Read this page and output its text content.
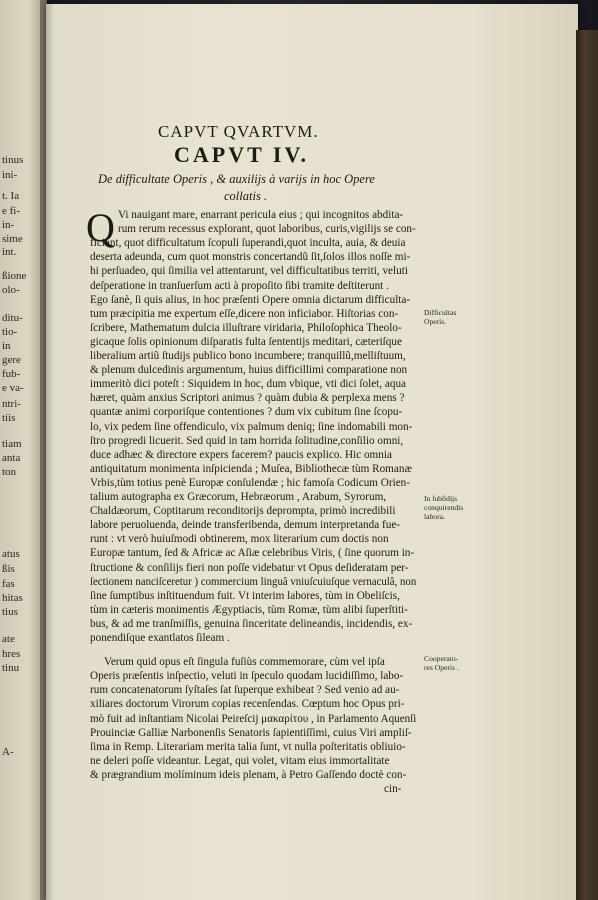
tinus
ini-
t. Ia
e fi-
in-
sime
int.
ßione
olo-
ditu-
tio-
in
gere
fub-
e va-
ntri-
tiis
tiam
anta
ton
atus
ßis
fas
hitas
tius
ate
hres
tinu
A-
CAPVT QVARTVM.
CAPVT IV.
De difficultate Operis , & auxilijs à varijs in hoc Opere
collatis .
Q Vi nauigant mare, enarrant pericula eius ; qui incognitos abdita-
rum rerum recessus explorant, quot laboribus, curis,vigilijs se con-
ficiant, quot difficultatum ſcopuli ſuperandi,quot inculta, auia, & deuia
deserta adeunda, cum quot monstris concertandũ ſit,ſolos illos noſſe mi-
hi perſuadeo, qui ſimilia vel attentarunt, vel difficultatibus territi, veluti
deſperatione in tranſuerſum acti à propoſito ſibi tramite deſtiterunt .
Ego ſanè, ſi quis alius, in hoc præſenti Opere omnia dictarum difficulta-
tum præcipitia me expertum eſſe,dicere non inficiabor. Hiſtorias con-
ſcribere, Mathematum dulcia illuſtrare viridaria, Philoſophica Theolo-
gicaque ſolis opinionum diſparatis fulta ſententijs meditari, cæteriſque
liberalium artiũ ſtudijs publico bono incumbere; tranquillũ,melliſtuum,
& plenum dulcedinis argumentum, huius difficillimi comparatione non
immeritò dici poteſt : Siquidem in hoc, dum vbique, vti dici ſolet, aqua
hæret, quàm anxius Scriptori animus ? quàm dubia & perplexa mens ?
quantæ animi corporiſque contentiones ? dum vix cubitum ſine ſcopu-
lo, vix pedem ſine offendiculo, vix palmum deniq; ſine indomabili mon-
ſtro progredi licuerit. Sed quid in tam horrida ſolitudine,conſilio omni,
duce adhæc & directore expers facerem? paucis explico. Hic omnia
antiquitatum monimenta inſpicienda ; Muſea, Bibliothecæ tùm Romanæ
Vrbis,tùm totius penè Europæ conſulendæ ; hic famoſa Codicum Orien-
talium autographa ex Græcorum, Hebræorum , Arabum, Syrorum,
Chaldæorum, Coptitarum reconditorijs deprompta, primò incredibili
labore peruoluenda, deinde transferibenda, demum interpretanda fue-
runt : vt verò huiuſmodi obtinerem, mox literarium cum doctis non
Europæ tantum, ſed & Africæ ac Aſiæ celebribus Viris, ( ſine quorum in-
ſtructione & conſilijs fieri non poſſe videbatur vt Opus deſideratam per-
ſectionem nanciſceretur ) commercium linguâ vniuſcuiuſque vernaculâ, non
ſine ſumptibus inſtituendum fuit. Vt interim labores, tùm in Obeliſcis,
tùm in cæteris monimentis Ægyptiacis, tùm Romæ, tùm alibi ſuperſtiti-
bus, & ad me tranſmiſſis, genuina ſinceritate delineandis, incidendis, ex-
ponendiſque exantlatos ſileam .
Verum quid opus eſt ſingula fuſiùs commemorare, cùm vel ipſa
Operis præſentis inſpectio, veluti in ſpeculo quodam lucidiſſimo, labo-
rum concatenatorum ſyſtaſes ſat ſuperque exhibeat ? Sed venio ad au-
xiliares doctorum Virorum copias recenſendas. Cœptum hoc Opus pri-
mò fuit ad inſtantiam Nicolai Peireſcij μακαρίτου , in Parlamento Aquenſi
Prouinciæ Galliæ Narbonenſis Senatoris ſapientiſſimi, cuius Viri ampliſ-
ſima in Remp. Literariam merita talia ſunt, vt nulla poſteritatis obliuio-
ne deleri poſſe videantur. Legat, qui volet, vitam eius immortalitate
& prægrandium molíminum ideis plenam, à Petro Gaſſendo doctè con-
cin-
Difficultas
Operis.
In ſubſidijs
conquirendis
labora.
Cooperato-
res Operis .
